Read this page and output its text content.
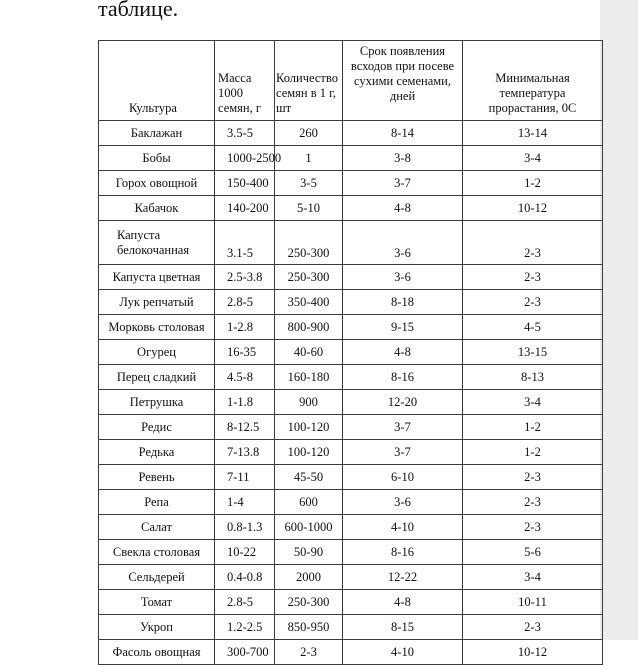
таблице.
Культура	Масса 1000 семян, г	Количество семян в 1 г, шт	Срок появления всходов при посеве сухими семенами, дней	Минимальная температура прорастания, 0С
Баклажан	3.5-5	260	8-14	13-14
Бобы	1000-2500	1	3-8	3-4
Горох овощной	150-400	3-5	3-7	1-2
Кабачок	140-200	5-10	4-8	10-12
Капуста белокочанная	3.1-5	250-300	3-6	2-3
Капуста цветная	2.5-3.8	250-300	3-6	2-3
Лук репчатый	2.8-5	350-400	8-18	2-3
Морковь столовая	1-2.8	800-900	9-15	4-5
Огурец	16-35	40-60	4-8	13-15
Перец сладкий	4.5-8	160-180	8-16	8-13
Петрушка	1-1.8	900	12-20	3-4
Редис	8-12.5	100-120	3-7	1-2
Редька	7-13.8	100-120	3-7	1-2
Ревень	7-11	45-50	6-10	2-3
Репа	1-4	600	3-6	2-3
Салат	0.8-1.3	600-1000	4-10	2-3
Свекла столовая	10-22	50-90	8-16	5-6
Сельдерей	0.4-0.8	2000	12-22	3-4
Томат	2.8-5	250-300	4-8	10-11
Укроп	1.2-2.5	850-950	8-15	2-3
Фасоль овощная	300-700	2-3	4-10	10-12
